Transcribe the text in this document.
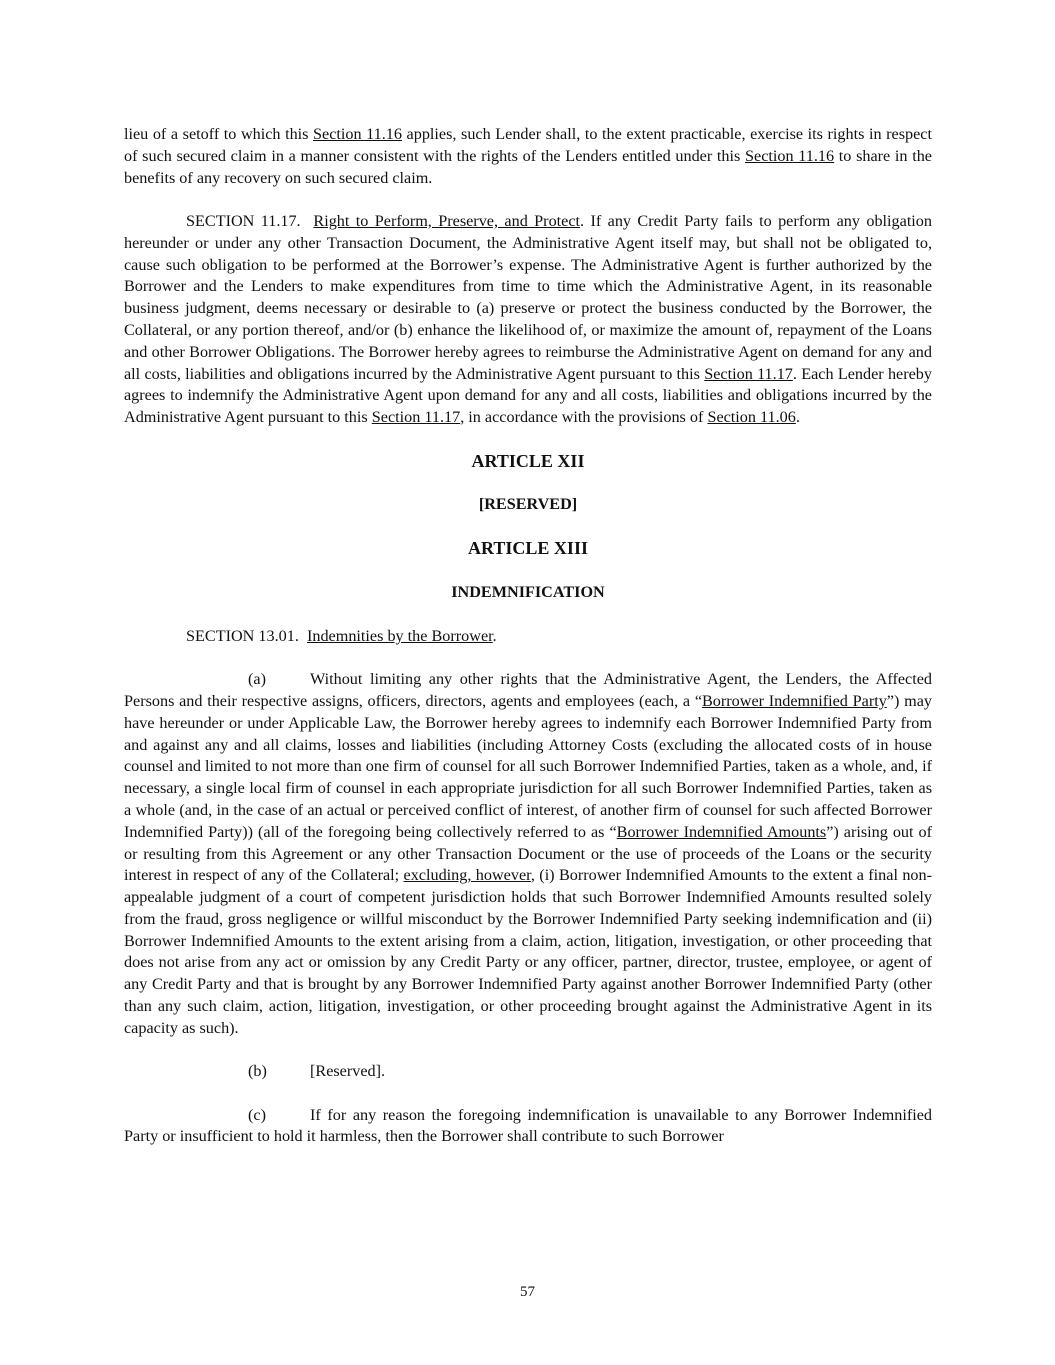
lieu of a setoff to which this Section 11.16 applies, such Lender shall, to the extent practicable, exercise its rights in respect of such secured claim in a manner consistent with the rights of the Lenders entitled under this Section 11.16 to share in the benefits of any recovery on such secured claim.

SECTION 11.17. Right to Perform, Preserve, and Protect. If any Credit Party fails to perform any obligation hereunder or under any other Transaction Document, the Administrative Agent itself may, but shall not be obligated to, cause such obligation to be performed at the Borrower’s expense. The Administrative Agent is further authorized by the Borrower and the Lenders to make expenditures from time to time which the Administrative Agent, in its reasonable business judgment, deems necessary or desirable to (a) preserve or protect the business conducted by the Borrower, the Collateral, or any portion thereof, and/or (b) enhance the likelihood of, or maximize the amount of, repayment of the Loans and other Borrower Obligations. The Borrower hereby agrees to reimburse the Administrative Agent on demand for any and all costs, liabilities and obligations incurred by the Administrative Agent pursuant to this Section 11.17. Each Lender hereby agrees to indemnify the Administrative Agent upon demand for any and all costs, liabilities and obligations incurred by the Administrative Agent pursuant to this Section 11.17, in accordance with the provisions of Section 11.06.

ARTICLE XII

[RESERVED]

ARTICLE XIII

INDEMNIFICATION

SECTION 13.01. Indemnities by the Borrower.

(a)	Without limiting any other rights that the Administrative Agent, the Lenders, the Affected Persons and their respective assigns, officers, directors, agents and employees (each, a “Borrower Indemnified Party”) may have hereunder or under Applicable Law, the Borrower hereby agrees to indemnify each Borrower Indemnified Party from and against any and all claims, losses and liabilities (including Attorney Costs (excluding the allocated costs of in house counsel and limited to not more than one firm of counsel for all such Borrower Indemnified Parties, taken as a whole, and, if necessary, a single local firm of counsel in each appropriate jurisdiction for all such Borrower Indemnified Parties, taken as a whole (and, in the case of an actual or perceived conflict of interest, of another firm of counsel for such affected Borrower Indemnified Party)) (all of the foregoing being collectively referred to as “Borrower Indemnified Amounts”) arising out of or resulting from this Agreement or any other Transaction Document or the use of proceeds of the Loans or the security interest in respect of any of the Collateral; excluding, however, (i) Borrower Indemnified Amounts to the extent a final non-appealable judgment of a court of competent jurisdiction holds that such Borrower Indemnified Amounts resulted solely from the fraud, gross negligence or willful misconduct by the Borrower Indemnified Party seeking indemnification and (ii) Borrower Indemnified Amounts to the extent arising from a claim, action, litigation, investigation, or other proceeding that does not arise from any act or omission by any Credit Party or any officer, partner, director, trustee, employee, or agent of any Credit Party and that is brought by any Borrower Indemnified Party against another Borrower Indemnified Party (other than any such claim, action, litigation, investigation, or other proceeding brought against the Administrative Agent in its capacity as such).

(b)	[Reserved].

(c)	If for any reason the foregoing indemnification is unavailable to any Borrower Indemnified Party or insufficient to hold it harmless, then the Borrower shall contribute to such Borrower

57
